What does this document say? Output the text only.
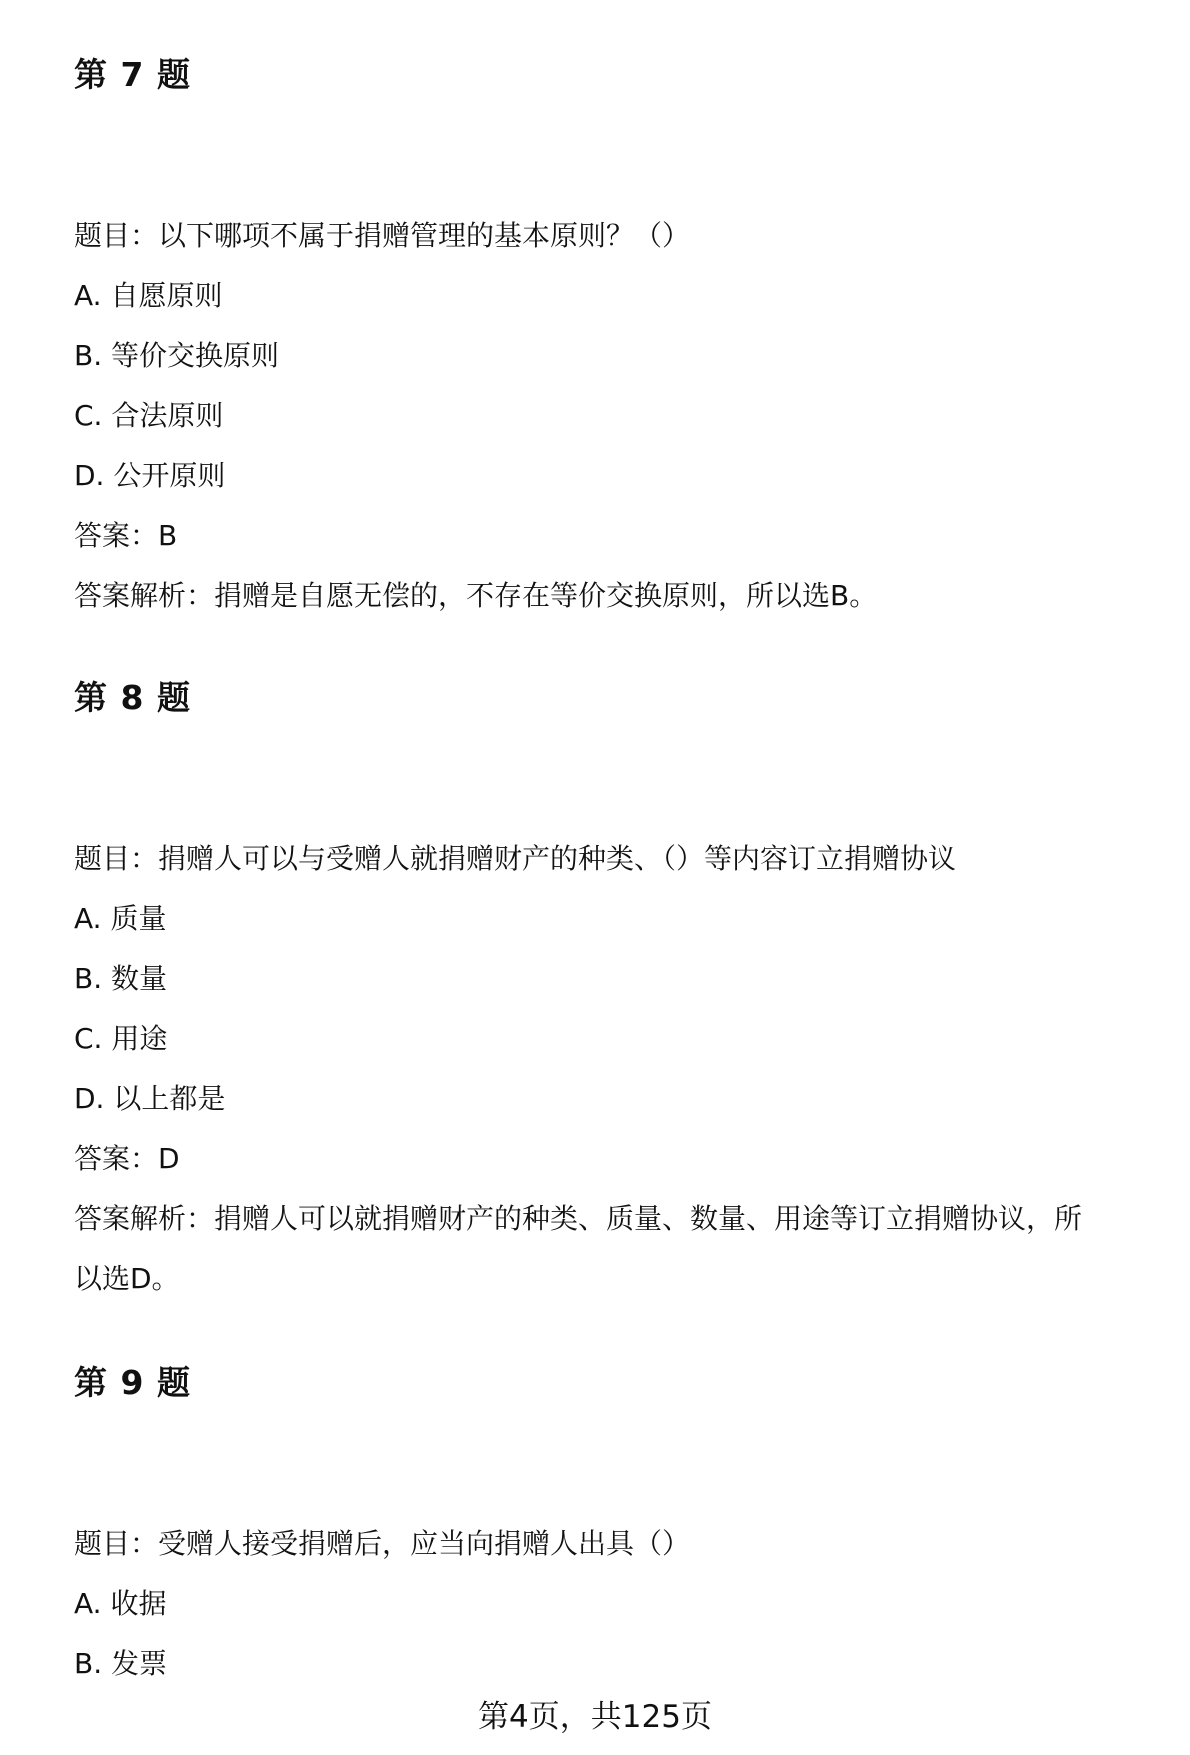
第 7 题
题目：以下哪项不属于捐赠管理的基本原则？（）
A. 自愿原则
B. 等价交换原则
C. 合法原则
D. 公开原则
答案：B
答案解析：捐赠是自愿无偿的，不存在等价交换原则，所以选B。
第 8 题
题目：捐赠人可以与受赠人就捐赠财产的种类、（）等内容订立捐赠协议
A. 质量
B. 数量
C. 用途
D. 以上都是
答案：D
答案解析：捐赠人可以就捐赠财产的种类、质量、数量、用途等订立捐赠协议，所
以选D。
第 9 题
题目：受赠人接受捐赠后，应当向捐赠人出具（）
A. 收据
B. 发票
第4页，共125页
